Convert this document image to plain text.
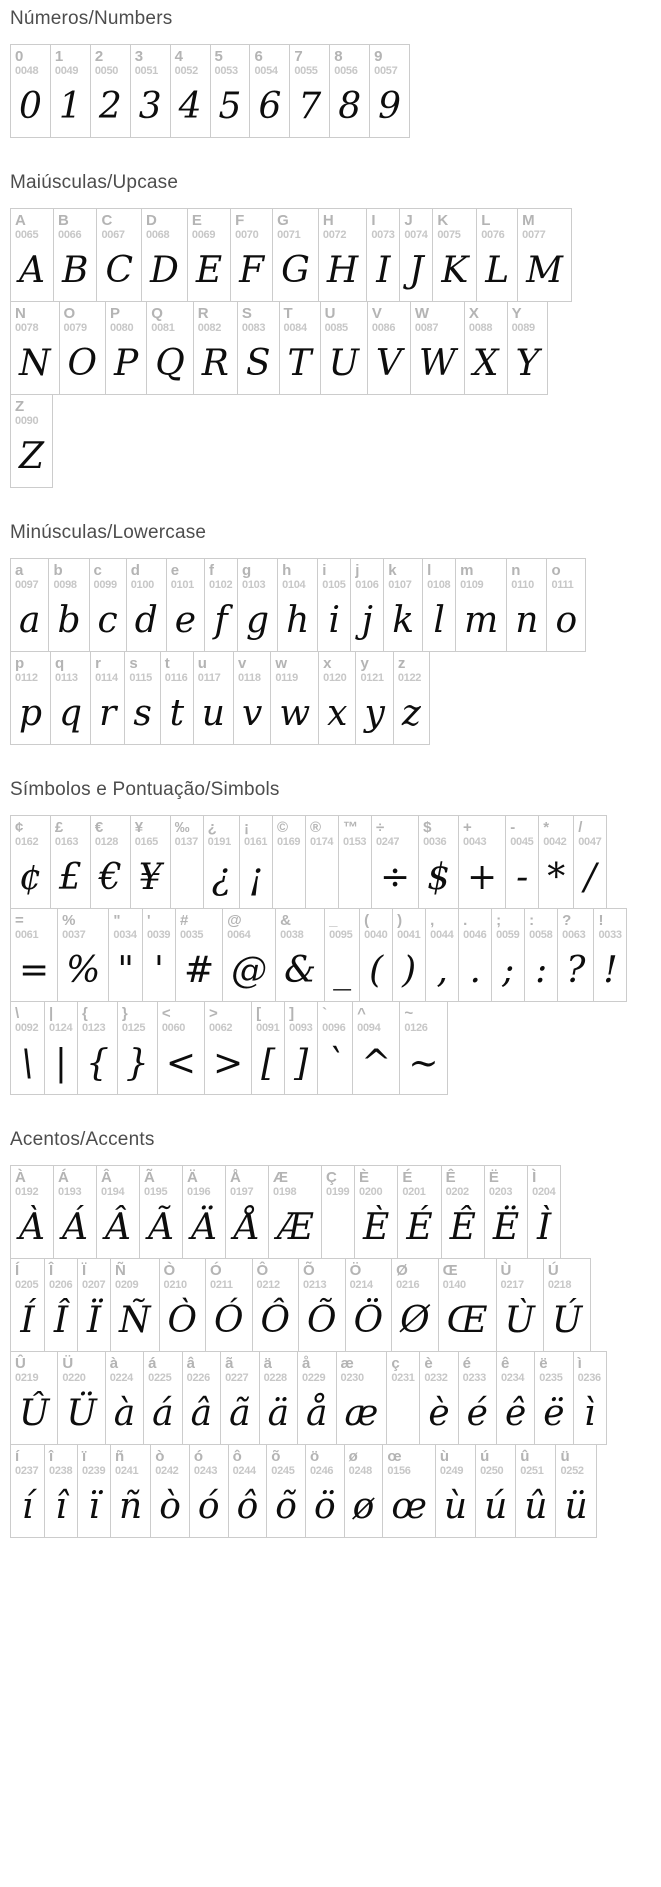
Números/Numbers
0
0048
0
1
0049
1
2
0050
2
3
0051
3
4
0052
4
5
0053
5
6
0054
6
7
0055
7
8
0056
8
9
0057
9
Maiúsculas/Upcase
A
0065
A
B
0066
B
C
0067
C
D
0068
D
E
0069
E
F
0070
F
G
0071
G
H
0072
H
I
0073
I
J
0074
J
K
0075
K
L
0076
L
M
0077
M
N
0078
N
O
0079
O
P
0080
P
Q
0081
Q
R
0082
R
S
0083
S
T
0084
T
U
0085
U
V
0086
V
W
0087
W
X
0088
X
Y
0089
Y
Z
0090
Z
Minúsculas/Lowercase
a
0097
a
b
0098
b
c
0099
c
d
0100
d
e
0101
e
f
0102
f
g
0103
g
h
0104
h
i
0105
i
j
0106
j
k
0107
k
l
0108
l
m
0109
m
n
0110
n
o
0111
o
p
0112
p
q
0113
q
r
0114
r
s
0115
s
t
0116
t
u
0117
u
v
0118
v
w
0119
w
x
0120
x
y
0121
y
z
0122
z
Símbolos e Pontuação/Simbols
¢
0162
¢
£
0163
£
€
0128
€
¥
0165
¥
‰
0137
¿
0191
¿
¡
0161
¡
©
0169
®
0174
™
0153
÷
0247
÷
$
0036
$
+
0043
+
-
0045
-
*
0042
*
/
0047
/
=
0061
=
%
0037
%
"
0034
"
'
0039
'
#
0035
#
@
0064
@
&
0038
&
_
0095
_
(
0040
(
)
0041
)
,
0044
,
.
0046
.
;
0059
;
:
0058
:
?
0063
?
!
0033
!
\
0092
\
|
0124
|
{
0123
{
}
0125
}
<
0060
<
>
0062
>
[
0091
[
]
0093
]
`
0096
`
^
0094
^
~
0126
~
Acentos/Accents
À
0192
À
Á
0193
Á
Â
0194
Â
Ã
0195
Ã
Ä
0196
Ä
Å
0197
Å
Æ
0198
Æ
Ç
0199
È
0200
È
É
0201
É
Ê
0202
Ê
Ë
0203
Ë
Ì
0204
Ì
Í
0205
Í
Î
0206
Î
Ï
0207
Ï
Ñ
0209
Ñ
Ò
0210
Ò
Ó
0211
Ó
Ô
0212
Ô
Õ
0213
Õ
Ö
0214
Ö
Ø
0216
Ø
Œ
0140
Œ
Ù
0217
Ù
Ú
0218
Ú
Û
0219
Û
Ü
0220
Ü
à
0224
à
á
0225
á
â
0226
â
ã
0227
ã
ä
0228
ä
å
0229
å
æ
0230
æ
ç
0231
è
0232
è
é
0233
é
ê
0234
ê
ë
0235
ë
ì
0236
ì
í
0237
í
î
0238
î
ï
0239
ï
ñ
0241
ñ
ò
0242
ò
ó
0243
ó
ô
0244
ô
õ
0245
õ
ö
0246
ö
ø
0248
ø
œ
0156
œ
ù
0249
ù
ú
0250
ú
û
0251
û
ü
0252
ü
